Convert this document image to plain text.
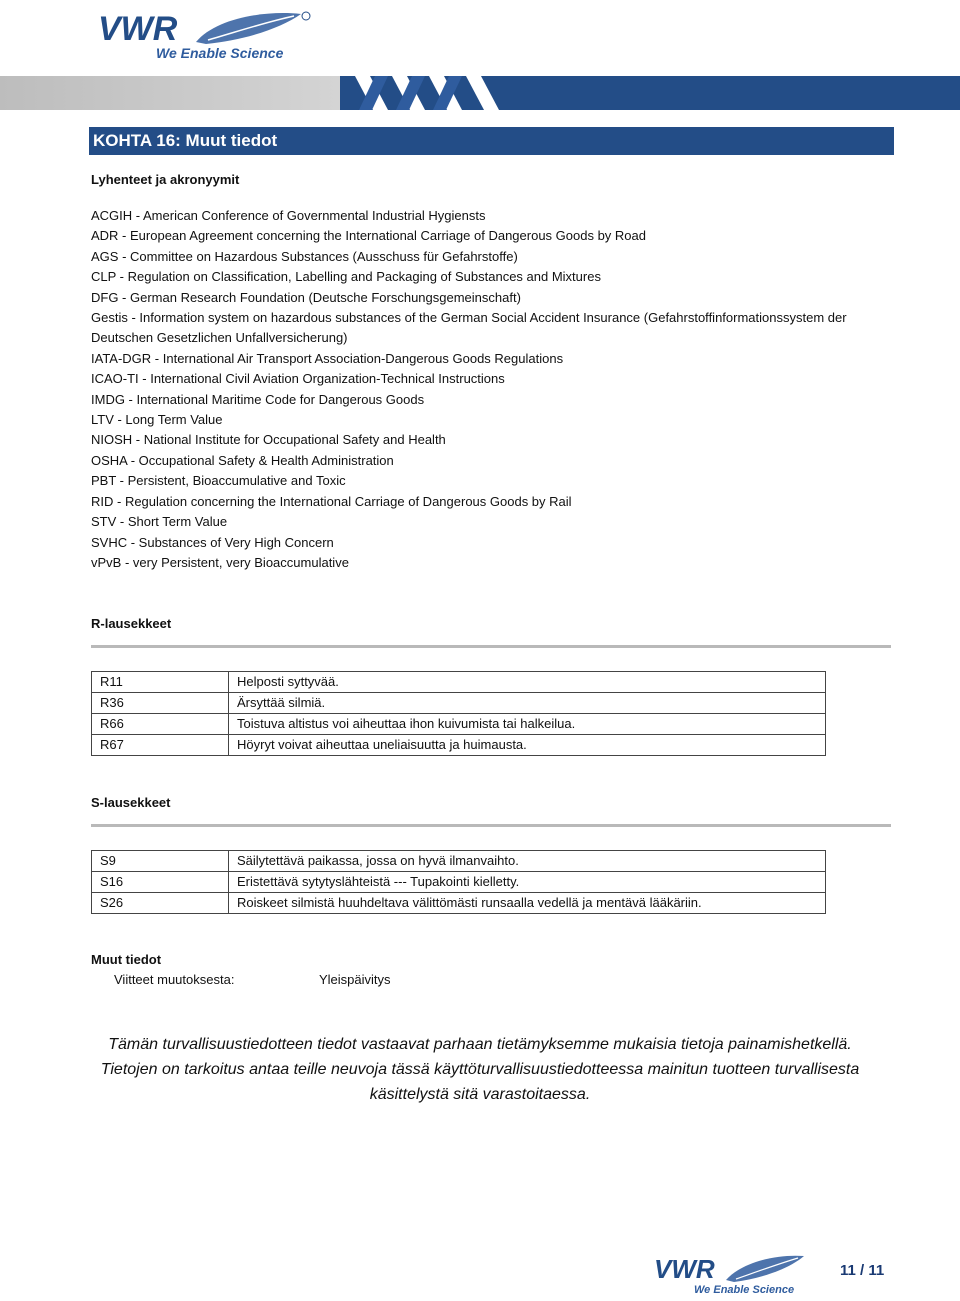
VWR
We Enable Science
KOHTA 16: Muut tiedot
Lyhenteet ja akronyymit
ACGIH - American Conference of Governmental Industrial Hygiensts
ADR - European Agreement concerning the International Carriage of Dangerous Goods by Road
AGS - Committee on Hazardous Substances (Ausschuss für Gefahrstoffe)
CLP - Regulation on Classification, Labelling and Packaging of Substances and Mixtures
DFG - German Research Foundation (Deutsche Forschungsgemeinschaft)
Gestis - Information system on hazardous substances of the German Social Accident Insurance (Gefahrstoffinformationssystem der
Deutschen Gesetzlichen Unfallversicherung)
IATA-DGR - International Air Transport Association-Dangerous Goods Regulations
ICAO-TI - International Civil Aviation Organization-Technical Instructions
IMDG - International Maritime Code for Dangerous Goods
LTV - Long Term Value
NIOSH - National Institute for Occupational Safety and Health
OSHA - Occupational Safety & Health Administration
PBT - Persistent, Bioaccumulative and Toxic
RID - Regulation concerning the International Carriage of Dangerous Goods by Rail
STV - Short Term Value
SVHC - Substances of Very High Concern
vPvB - very Persistent, very Bioaccumulative
R-lausekkeet
R11	Helposti syttyvää.
R36	Ärsyttää silmiä.
R66	Toistuva altistus voi aiheuttaa ihon kuivumista tai halkeilua.
R67	Höyryt voivat aiheuttaa uneliaisuutta ja huimausta.
S-lausekkeet
S9	Säilytettävä paikassa, jossa on hyvä ilmanvaihto.
S16	Eristettävä sytytyslähteistä --- Tupakointi kielletty.
S26	Roiskeet silmistä huuhdeltava välittömästi runsaalla vedellä ja mentävä lääkäriin.
Muut tiedot
Viitteet muutoksesta:	Yleispäivitys
Tämän turvallisuustiedotteen tiedot vastaavat parhaan tietämyksemme mukaisia tietoja painamishetkellä.
Tietojen on tarkoitus antaa teille neuvoja tässä käyttöturvallisuustiedotteessa mainitun tuotteen turvallisesta
käsittelystä sitä varastoitaessa.
VWR
We Enable Science
11 / 11
